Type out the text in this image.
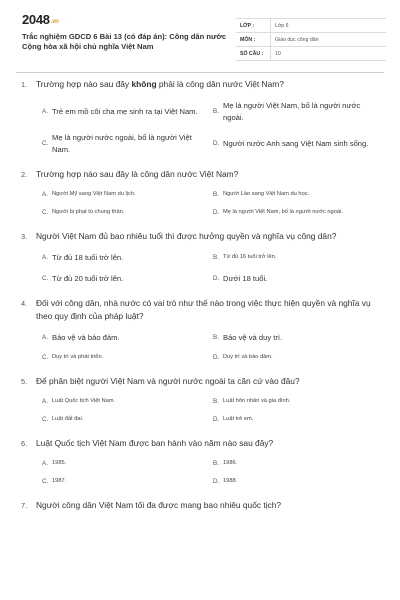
2048.vn
Trắc nghiệm GDCD 6 Bài 13 (có đáp án): Công dân nước Cộng hòa xã hội chủ nghĩa Việt Nam
LỚP :	Lớp 6
MÔN :	Giáo dục công dân
SỐ CÂU :	10
1. Trường hợp nào sau đây không phải là công dân nước Việt Nam?
A. Trẻ em mồ côi cha mẹ sinh ra tại Việt Nam. B.
Mẹ là người Việt Nam, bố là người nước ngoài.
C.
Mẹ là người nước ngoài, bố là người Việt Nam.
D. Người nước Anh sang Việt Nam sinh sống.
2. Trường hợp nào sau đây là công dân nước Việt Nam?
A. Người Mỹ sang Việt Nam du lịch.	B. Người Lào sang Việt Nam du học.
C. Người bị phạt tù chung thân.	D. Mẹ là người Việt Nam, bố là người nước ngoài.
3. Người Việt Nam đủ bao nhiêu tuổi thì được hưởng quyền và nghĩa vụ công dân?
A. Từ đủ 18 tuổi trở lên.	B. Từ đủ 16 tuổi trở lên.
C. Từ đủ 20 tuổi trở lên.	D. Dưới 18 tuổi.
4. Đối với công dân, nhà nước có vai trò như thế nào trong việc thực hiện quyền và nghĩa vụ theo quy định của pháp luật?
A. Bảo vệ và bảo đảm.	B. Bảo vệ và duy trì.
C. Duy trì và phát triển.	D. Duy trì và bảo đảm.
5. Để phân biệt người Việt Nam và người nước ngoài ta căn cứ vào đâu?
A. Luật Quốc tịch Việt Nam.	B. Luật hôn nhân và gia đình.
C. Luật đất đai.	D. Luật trẻ em.
6. Luật Quốc tịch Việt Nam được ban hành vào năm nào sau đây?
A. 1985.	B. 1986.
C. 1987.	D. 1988.
7. Người công dân Việt Nam tối đa được mang bao nhiêu quốc tịch?
